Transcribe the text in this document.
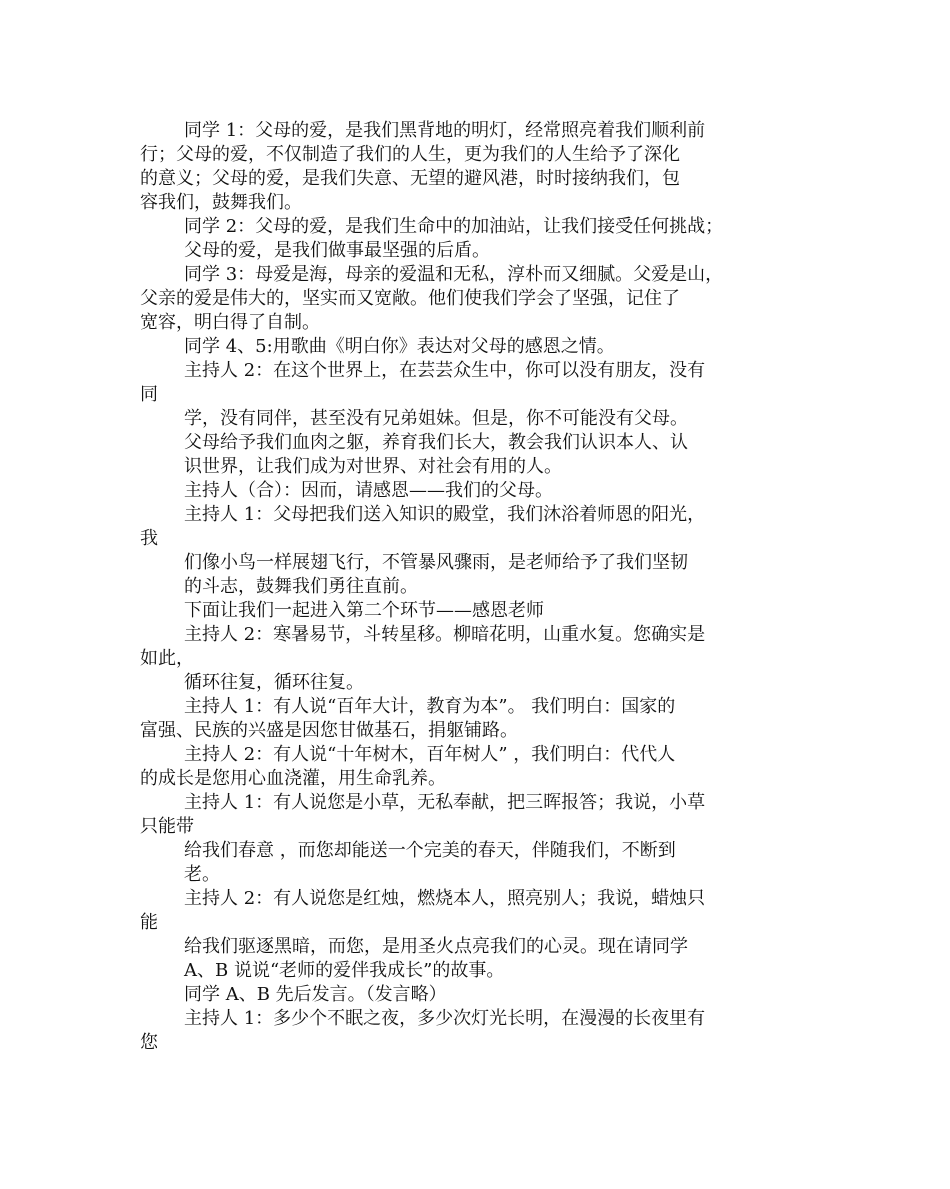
同学 1：父母的爱，是我们黑背地的明灯，经常照亮着我们顺利前
行；父母的爱，不仅制造了我们的人生，更为我们的人生给予了深化
的意义；父母的爱，是我们失意、无望的避风港，时时接纳我们，包
容我们，鼓舞我们。
同学 2：父母的爱，是我们生命中的加油站，让我们接受任何挑战；
父母的爱，是我们做事最坚强的后盾。
同学 3：母爱是海，母亲的爱温和无私，淳朴而又细腻。父爱是山，
父亲的爱是伟大的，坚实而又宽敞。他们使我们学会了坚强，记住了
宽容，明白得了自制。
同学 4、5:用歌曲《明白你》表达对父母的感恩之情。
主持人 2：在这个世界上，在芸芸众生中，你可以没有朋友，没有
同
学，没有同伴，甚至没有兄弟姐妹。但是，你不可能没有父母。
父母给予我们血肉之躯，养育我们长大，教会我们认识本人、认
识世界，让我们成为对世界、对社会有用的人。
主持人（合）：因而，请感恩——我们的父母。
主持人 1：父母把我们送入知识的殿堂，我们沐浴着师恩的阳光，
我
们像小鸟一样展翅飞行，不管暴风骤雨，是老师给予了我们坚韧
的斗志，鼓舞我们勇往直前。
下面让我们一起进入第二个环节——感恩老师
主持人 2：寒暑易节，斗转星移。柳暗花明，山重水复。您确实是
如此，
循环往复，循环往复。
主持人 1：有人说“百年大计，教育为本”。 我们明白：国家的
富强、民族的兴盛是因您甘做基石，捐躯铺路。
主持人 2：有人说“十年树木，百年树人” ，我们明白：代代人
的成长是您用心血浇灌，用生命乳养。
主持人 1：有人说您是小草，无私奉献，把三晖报答；我说，小草
只能带
给我们春意 ，而您却能送一个完美的春天，伴随我们，不断到
老。
主持人 2：有人说您是红烛，燃烧本人，照亮别人；我说，蜡烛只
能
给我们驱逐黑暗，而您，是用圣火点亮我们的心灵。现在请同学
A、B 说说“老师的爱伴我成长”的故事。
同学 A、B 先后发言。（发言略）
主持人 1：多少个不眠之夜，多少次灯光长明，在漫漫的长夜里有
您
